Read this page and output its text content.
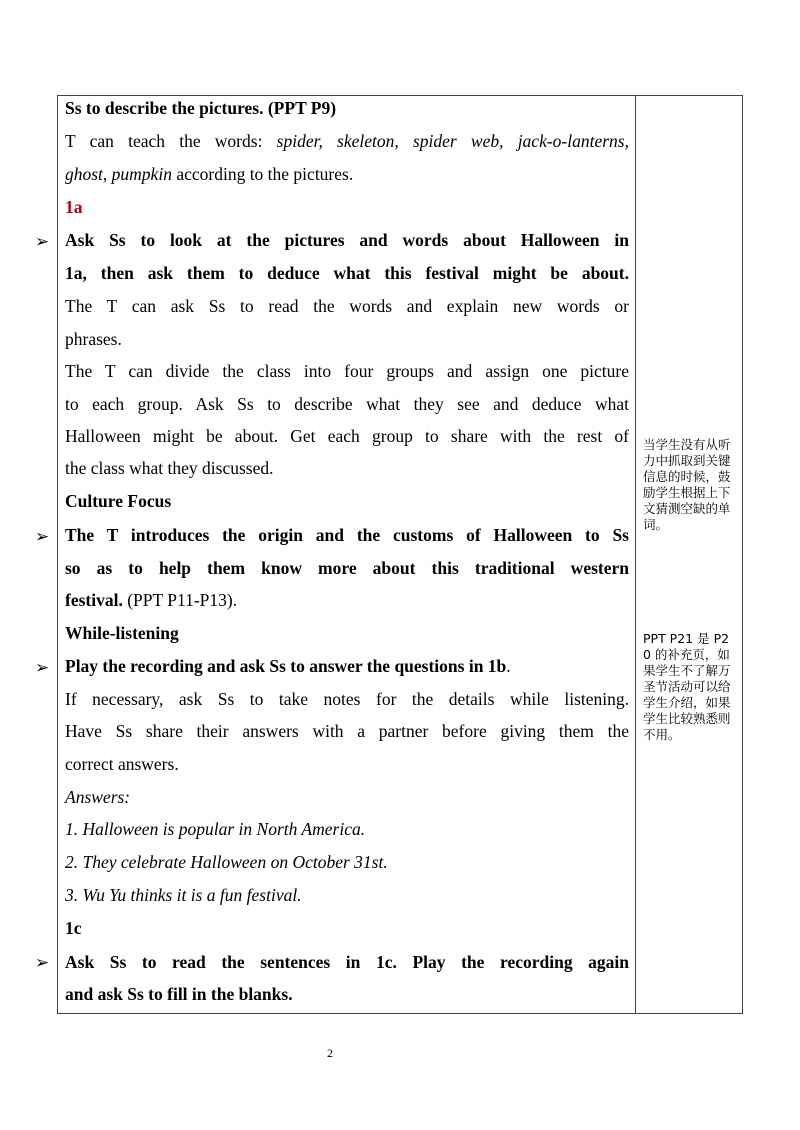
➢
➢
➢
➢
Ss to describe the pictures. (PPT P9)
T can teach the words: spider, skeleton, spider web, jack-o-lanterns,
ghost, pumpkin according to the pictures.
1a
Ask Ss to look at the pictures and words about Halloween in
1a, then ask them to deduce what this festival might be about.
The T can ask Ss to read the words and explain new words or
phrases.
The T can divide the class into four groups and assign one picture
to each group. Ask Ss to describe what they see and deduce what
Halloween might be about. Get each group to share with the rest of
the class what they discussed.
Culture Focus
The T introduces the origin and the customs of Halloween to Ss
so as to help them know more about this traditional western
festival. (PPT P11-P13).
While-listening
Play the recording and ask Ss to answer the questions in 1b.
If necessary, ask Ss to take notes for the details while listening.
Have Ss share their answers with a partner before giving them the
correct answers.
Answers:
1. Halloween is popular in North America.
2. They celebrate Halloween on October 31st.
3. Wu Yu thinks it is a fun festival.
1c
Ask Ss to read the sentences in 1c. Play the recording again
and ask Ss to fill in the blanks.
当学生没有从听力中抓取到关键信息的时候，鼓励学生根据上下文猜测空缺的单词。
PPT P21 是 P20 的补充页，如果学生不了解万圣节活动可以给学生介绍，如果学生比较熟悉则不用。
2
